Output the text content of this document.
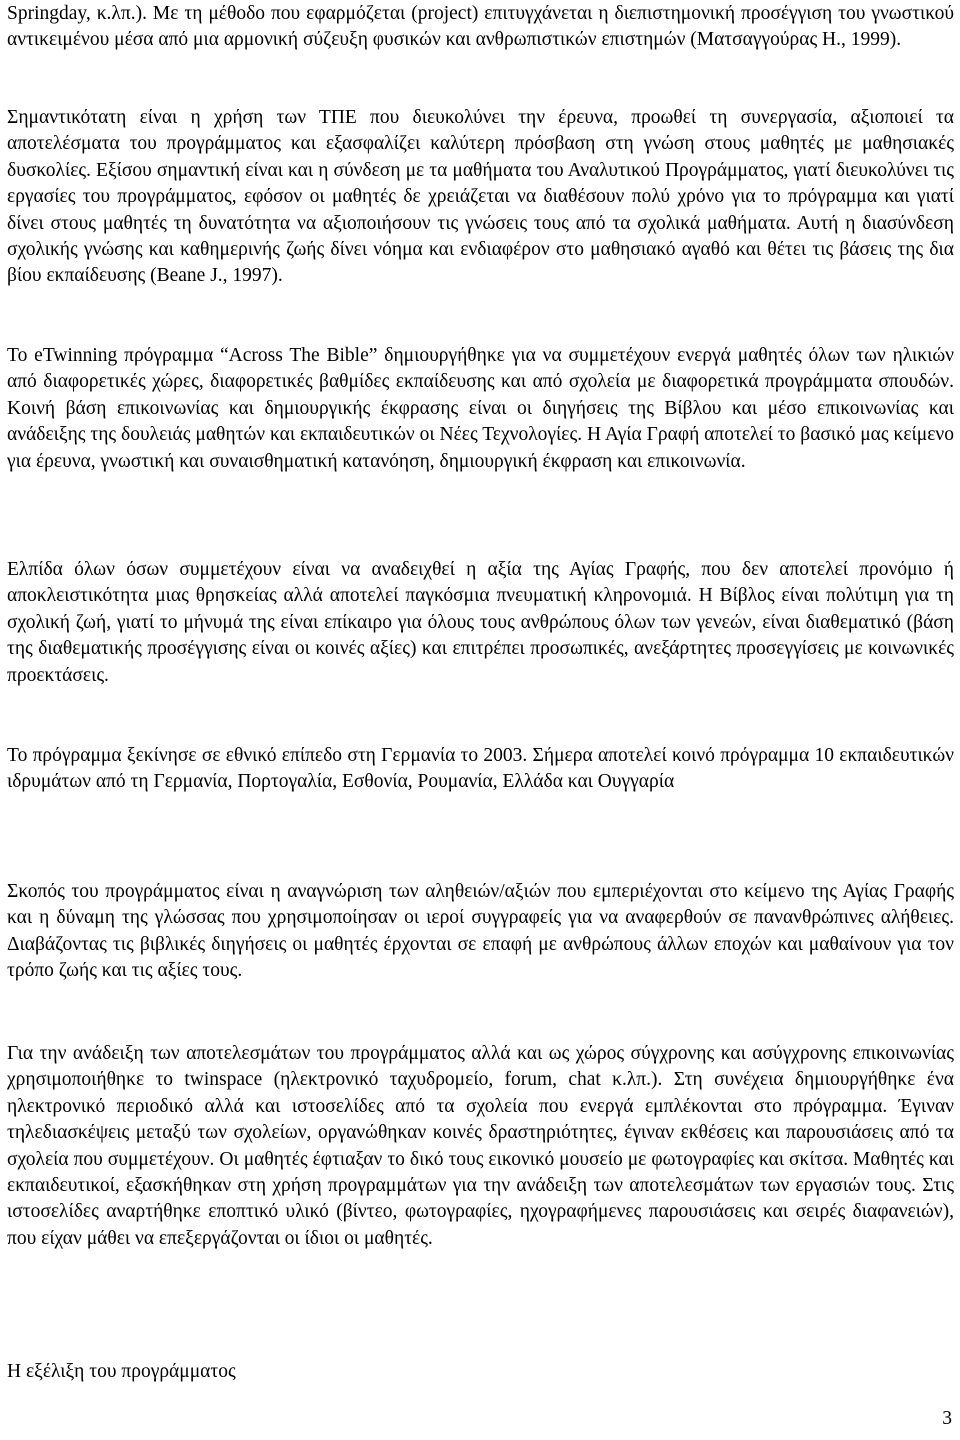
Springday, κ.λπ.). Με τη μέθοδο που εφαρμόζεται (project) επιτυγχάνεται η διεπιστημονική προσέγγιση του γνωστικού αντικειμένου μέσα από μια αρμονική σύζευξη φυσικών και ανθρωπιστικών επιστημών (Ματσαγγούρας Η., 1999).

Σημαντικότατη είναι η χρήση των ΤΠΕ που διευκολύνει την έρευνα, προωθεί τη συνεργασία, αξιοποιεί τα αποτελέσματα του προγράμματος και εξασφαλίζει καλύτερη πρόσβαση στη γνώση στους μαθητές με μαθησιακές δυσκολίες. Εξίσου σημαντική είναι και η σύνδεση με τα μαθήματα του Αναλυτικού Προγράμματος, γιατί διευκολύνει τις εργασίες του προγράμματος, εφόσον οι μαθητές δε χρειάζεται να διαθέσουν πολύ χρόνο για το πρόγραμμα και γιατί δίνει στους μαθητές τη δυνατότητα να αξιοποιήσουν τις γνώσεις τους από τα σχολικά μαθήματα. Αυτή η διασύνδεση σχολικής γνώσης και καθημερινής ζωής δίνει νόημα και ενδιαφέρον στο μαθησιακό αγαθό και θέτει τις βάσεις της δια βίου εκπαίδευσης (Beane J., 1997).

Το eTwinning πρόγραμμα “Across The Bible” δημιουργήθηκε για να συμμετέχουν ενεργά μαθητές όλων των ηλικιών από διαφορετικές χώρες, διαφορετικές βαθμίδες εκπαίδευσης και από σχολεία με διαφορετικά προγράμματα σπουδών. Κοινή βάση επικοινωνίας και δημιουργικής έκφρασης είναι οι διηγήσεις της Βίβλου και μέσο επικοινωνίας και ανάδειξης της δουλειάς μαθητών και εκπαιδευτικών οι Νέες Τεχνολογίες. Η Αγία Γραφή αποτελεί το βασικό μας κείμενο για έρευνα, γνωστική και συναισθηματική κατανόηση, δημιουργική έκφραση και επικοινωνία.

Ελπίδα όλων όσων συμμετέχουν είναι να αναδειχθεί η αξία της Αγίας Γραφής, που δεν αποτελεί προνόμιο ή αποκλειστικότητα μιας θρησκείας αλλά αποτελεί παγκόσμια πνευματική κληρονομιά. Η Βίβλος είναι πολύτιμη για τη σχολική ζωή, γιατί το μήνυμά της είναι επίκαιρο για όλους τους ανθρώπους όλων των γενεών, είναι διαθεματικό (βάση της διαθεματικής προσέγγισης είναι οι κοινές αξίες) και επιτρέπει προσωπικές, ανεξάρτητες προσεγγίσεις με κοινωνικές προεκτάσεις.

Το πρόγραμμα ξεκίνησε σε εθνικό επίπεδο στη Γερμανία το 2003. Σήμερα αποτελεί κοινό πρόγραμμα 10 εκπαιδευτικών ιδρυμάτων από τη Γερμανία, Πορτογαλία, Εσθονία, Ρουμανία, Ελλάδα και Ουγγαρία

Σκοπός του προγράμματος είναι η αναγνώριση των αληθειών/αξιών που εμπεριέχονται στο κείμενο της Αγίας Γραφής και η δύναμη της γλώσσας που χρησιμοποίησαν οι ιεροί συγγραφείς για να αναφερθούν σε πανανθρώπινες αλήθειες. Διαβάζοντας τις βιβλικές διηγήσεις οι μαθητές έρχονται σε επαφή με ανθρώπους άλλων εποχών και μαθαίνουν για τον τρόπο ζωής και τις αξίες τους.

Για την ανάδειξη των αποτελεσμάτων του προγράμματος αλλά και ως χώρος σύγχρονης και ασύγχρονης επικοινωνίας χρησιμοποιήθηκε το twinspace (ηλεκτρονικό ταχυδρομείο, forum, chat κ.λπ.). Στη συνέχεια δημιουργήθηκε ένα ηλεκτρονικό περιοδικό αλλά και ιστοσελίδες από τα σχολεία που ενεργά εμπλέκονται στο πρόγραμμα. Έγιναν τηλεδιασκέψεις μεταξύ των σχολείων, οργανώθηκαν κοινές δραστηριότητες, έγιναν εκθέσεις και παρουσιάσεις από τα σχολεία που συμμετέχουν. Οι μαθητές έφτιαξαν το δικό τους εικονικό μουσείο με φωτογραφίες και σκίτσα. Μαθητές και εκπαιδευτικοί, εξασκήθηκαν στη χρήση προγραμμάτων για την ανάδειξη των αποτελεσμάτων των εργασιών τους. Στις ιστοσελίδες αναρτήθηκε εποπτικό υλικό (βίντεο, φωτογραφίες, ηχογραφήμενες παρουσιάσεις και σειρές διαφανειών), που είχαν μάθει να επεξεργάζονται οι ίδιοι οι μαθητές.

Η εξέλιξη του προγράμματος

3
